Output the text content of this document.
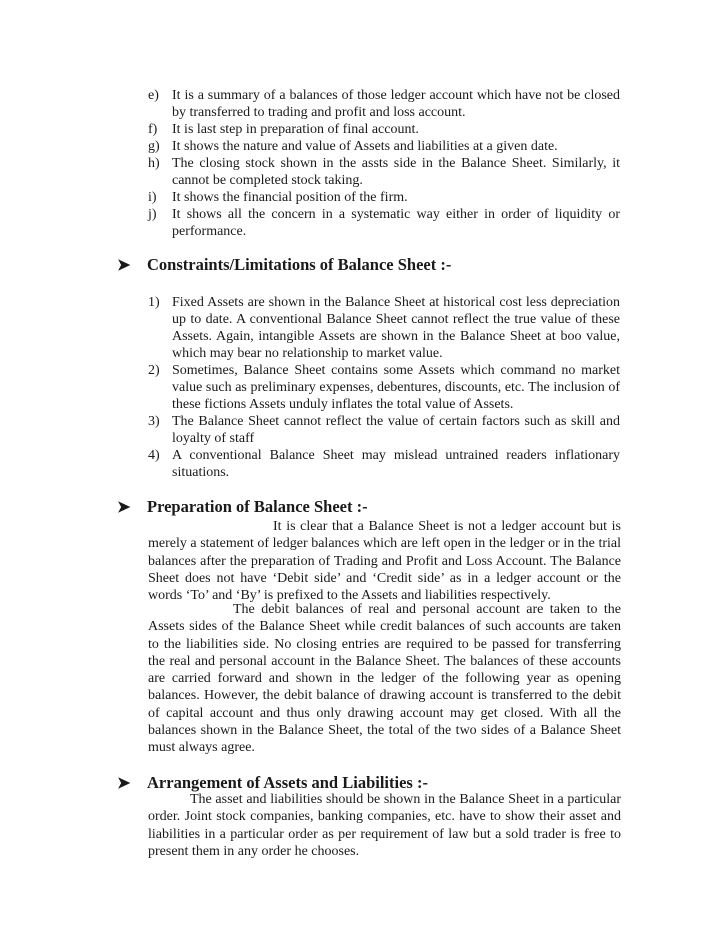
e) It is a summary of a balances of those ledger account which have not be closed by transferred to trading and profit and loss account.
f) It is last step in preparation of final account.
g) It shows the nature and value of Assets and liabilities at a given date.
h) The closing stock shown in the assts side in the Balance Sheet. Similarly, it cannot be completed stock taking.
i) It shows the financial position of the firm.
j) It shows all the concern in a systematic way either in order of liquidity or performance.
➤ Constraints/Limitations of Balance Sheet :-
1) Fixed Assets are shown in the Balance Sheet at historical cost less depreciation up to date. A conventional Balance Sheet cannot reflect the true value of these Assets. Again, intangible Assets are shown in the Balance Sheet at boo value, which may bear no relationship to market value.
2) Sometimes, Balance Sheet contains some Assets which command no market value such as preliminary expenses, debentures, discounts, etc. The inclusion of these fictions Assets unduly inflates the total value of Assets.
3) The Balance Sheet cannot reflect the value of certain factors such as skill and loyalty of staff
4) A conventional Balance Sheet may mislead untrained readers inflationary situations.
➤ Preparation of Balance Sheet :-

It is clear that a Balance Sheet is not a ledger account but is merely a statement of ledger balances which are left open in the ledger or in the trial balances after the preparation of Trading and Profit and Loss Account. The Balance Sheet does not have ‘Debit side’ and ‘Credit side’ as in a ledger account or the words ‘To’ and ‘By’ is prefixed to the Assets and liabilities respectively.

The debit balances of real and personal account are taken to the Assets sides of the Balance Sheet while credit balances of such accounts are taken to the liabilities side. No closing entries are required to be passed for transferring the real and personal account in the Balance Sheet. The balances of these accounts are carried forward and shown in the ledger of the following year as opening balances. However, the debit balance of drawing account is transferred to the debit of capital account and thus only drawing account may get closed. With all the balances shown in the Balance Sheet, the total of the two sides of a Balance Sheet must always agree.

➤ Arrangement of Assets and Liabilities :-

The asset and liabilities should be shown in the Balance Sheet in a particular order. Joint stock companies, banking companies, etc. have to show their asset and liabilities in a particular order as per requirement of law but a sold trader is free to present them in any order he chooses.
